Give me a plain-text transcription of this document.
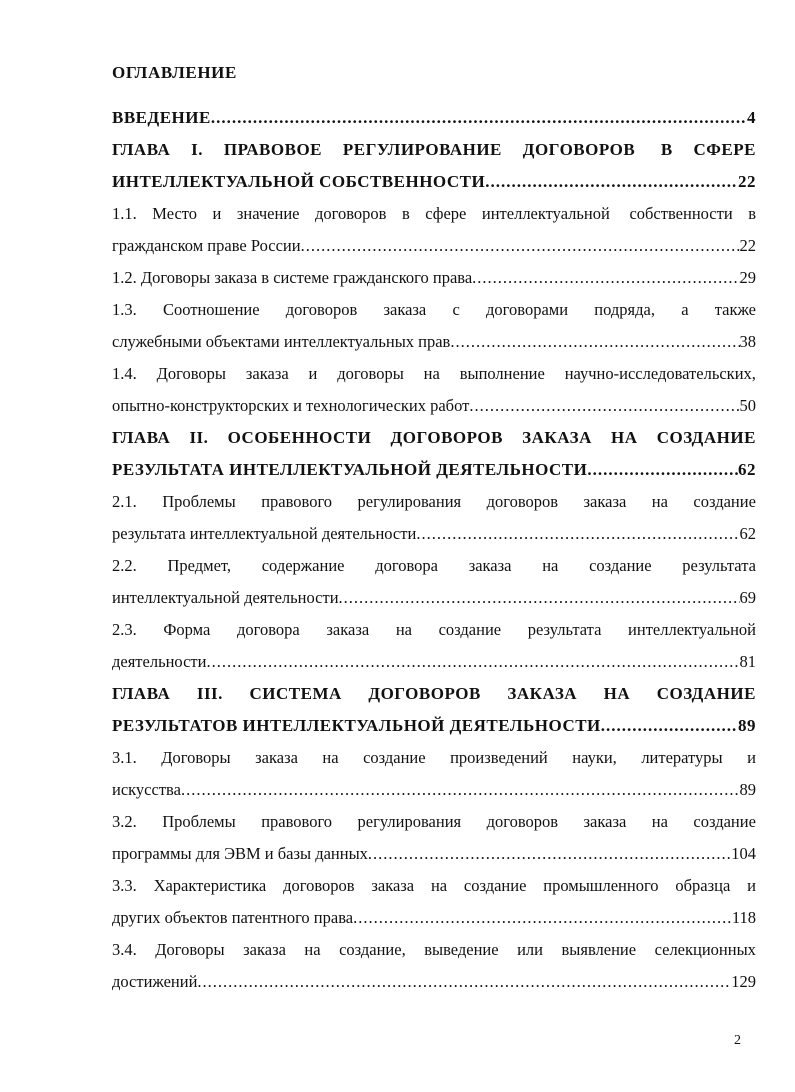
ОГЛАВЛЕНИЕ
ВВЕДЕНИЕ .....	4
ГЛАВА I. ПРАВОВОЕ РЕГУЛИРОВАНИЕ ДОГОВОРОВ В СФЕРЕ
ИНТЕЛЛЕКТУАЛЬНОЙ СОБСТВЕННОСТИ .....	22
1.1. Место и значение договоров в сфере интеллектуальной собственности в
гражданском праве России .....	22
1.2. Договоры заказа в системе гражданского права .....	29
1.3. Соотношение договоров заказа с договорами подряда, а также
служебными объектами интеллектуальных прав .....	38
1.4. Договоры заказа и договоры на выполнение научно-исследовательских,
опытно-конструкторских и технологических работ .....	50
ГЛАВА II. ОСОБЕННОСТИ ДОГОВОРОВ ЗАКАЗА НА СОЗДАНИЕ
РЕЗУЛЬТАТА ИНТЕЛЛЕКТУАЛЬНОЙ ДЕЯТЕЛЬНОСТИ .....	62
2.1. Проблемы правового регулирования договоров заказа на создание
результата интеллектуальной деятельности .....	62
2.2. Предмет, содержание договора заказа на создание результата
интеллектуальной деятельности .....	69
2.3. Форма договора заказа на создание результата интеллектуальной
деятельности .....	81
ГЛАВА III. СИСТЕМА ДОГОВОРОВ ЗАКАЗА НА СОЗДАНИЕ
РЕЗУЛЬТАТОВ ИНТЕЛЛЕКТУАЛЬНОЙ ДЕЯТЕЛЬНОСТИ .....	89
3.1. Договоры заказа на создание произведений науки, литературы и
искусства .....	89
3.2. Проблемы правового регулирования договоров заказа на создание
программы для ЭВМ и базы данных .....	104
3.3. Характеристика договоров заказа на создание промышленного образца и
других объектов патентного права .....	118
3.4. Договоры заказа на создание, выведение или выявление селекционных
достижений .....	129
2
